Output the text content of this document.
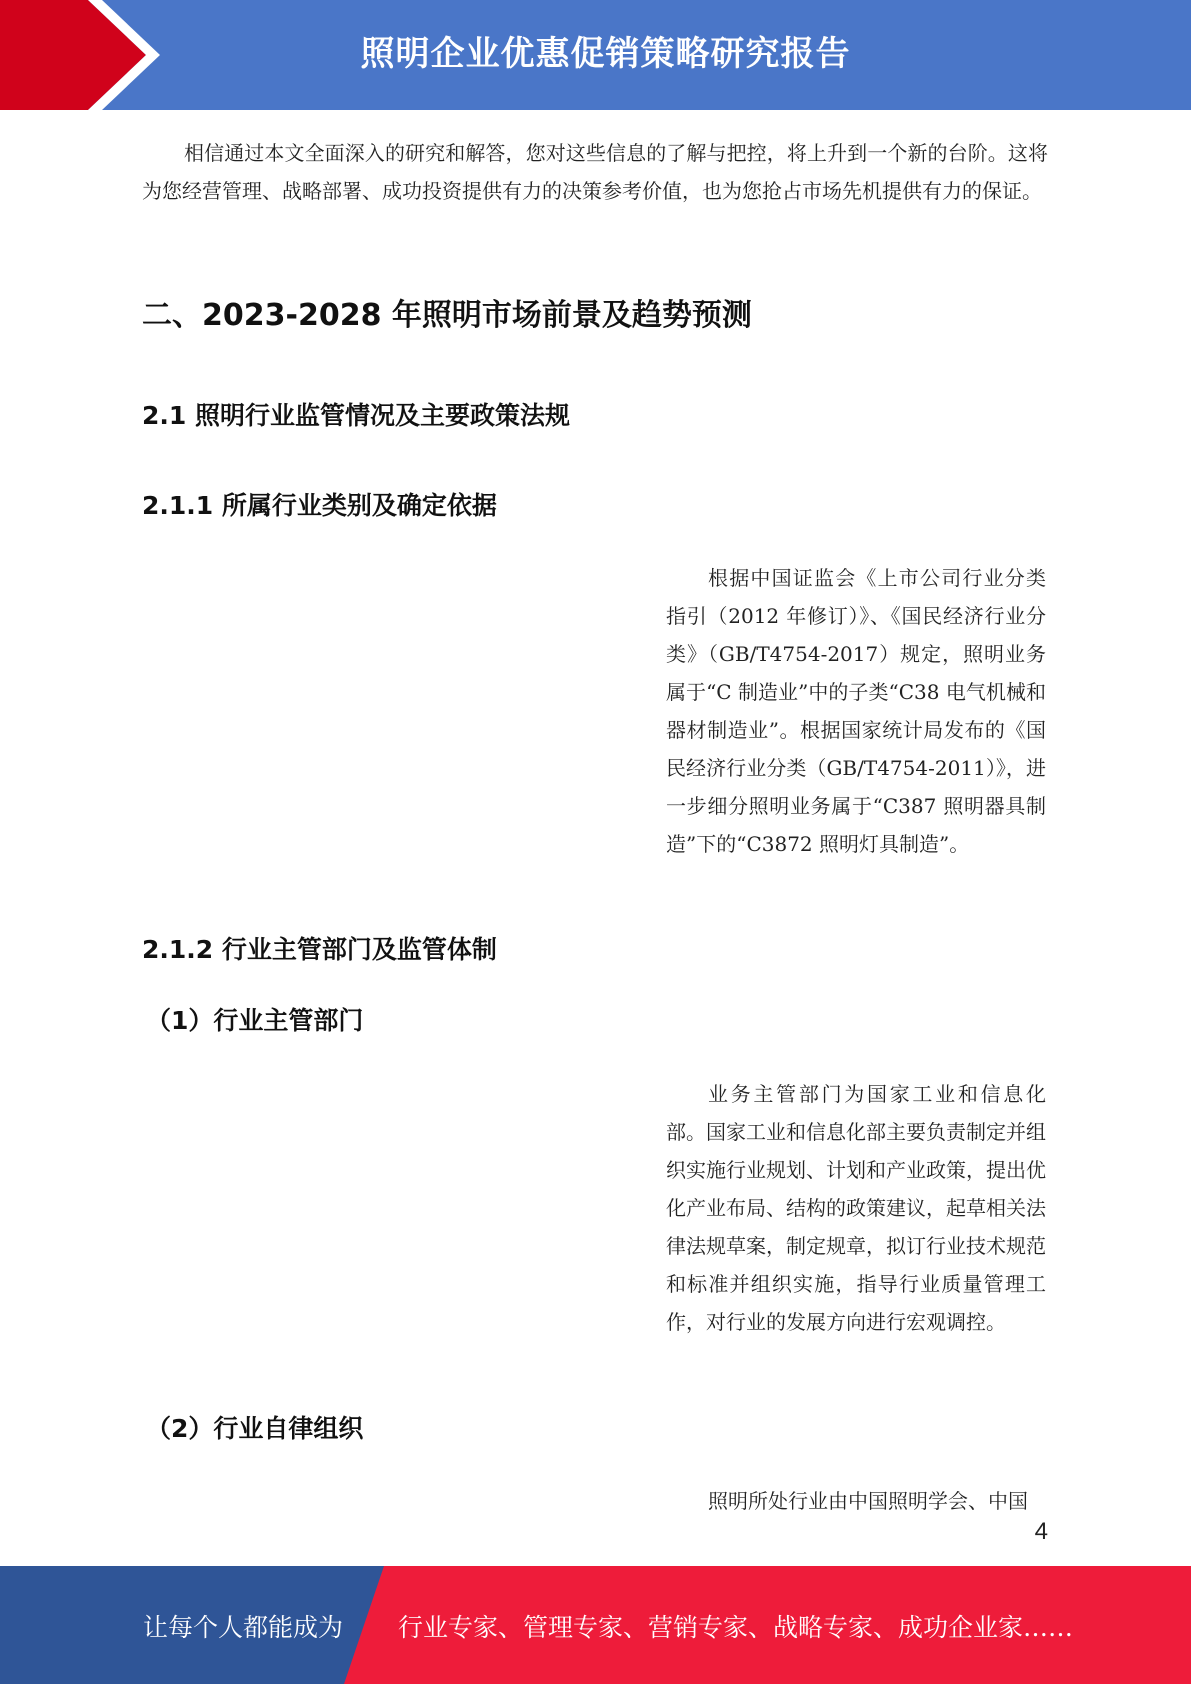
照明企业优惠促销策略研究报告

相信通过本文全面深入的研究和解答，您对这些信息的了解与把控，将上升到一个新的台阶。这将为您经营管理、战略部署、成功投资提供有力的决策参考价值，也为您抢占市场先机提供有力的保证。

二、2023-2028 年照明市场前景及趋势预测
2.1 照明行业监管情况及主要政策法规
2.1.1 所属行业类别及确定依据

根据中国证监会《上市公司行业分类指引（2012 年修订）》、《国民经济行业分类》（GB/T4754-2017）规定，照明业务属于“C 制造业”中的子类“C38 电气机械和器材制造业”。根据国家统计局发布的《国民经济行业分类（GB/T4754-2011）》，进一步细分照明业务属于“C387 照明器具制造”下的“C3872 照明灯具制造”。

2.1.2 行业主管部门及监管体制
（1）行业主管部门

业务主管部门为国家工业和信息化部。国家工业和信息化部主要负责制定并组织实施行业规划、计划和产业政策，提出优化产业布局、结构的政策建议，起草相关法律法规草案，制定规章，拟订行业技术规范和标准并组织实施，指导行业质量管理工作，对行业的发展方向进行宏观调控。

（2）行业自律组织

照明所处行业由中国照明学会、中国

4
让每个人都能成为 行业专家、管理专家、营销专家、战略专家、成功企业家……
